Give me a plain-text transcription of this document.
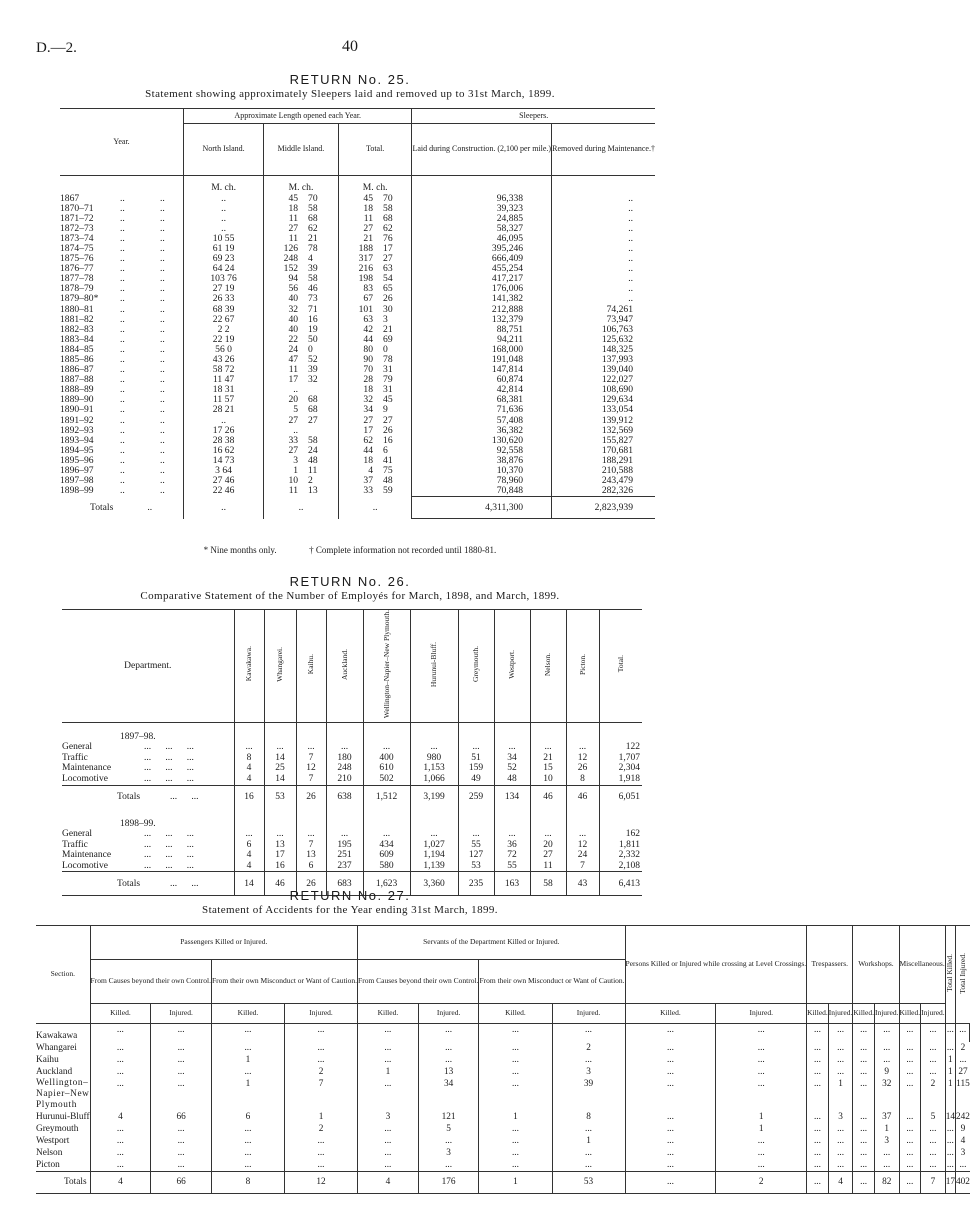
D.—2.	40
RETURN No. 25.
Statement showing approximately Sleepers laid and removed up to 31st March, 1899.
Year.	Approximate Length opened each Year.					Sleepers.	
	North Island.	Middle Island.		Total.		Laid during Construction. (2,100 per mile.)	Removed during Maintenance.†
	M. ch.	M. ch.		M. ch.			
1867 .. ..	..	45	70	45	70	96,338	..
1870–71 .. ..	..	18	58	18	58	39,323	..
1871–72 .. ..	..	11	68	11	68	24,885	..
1872–73 .. ..	..	27	62	27	62	58,327	..
1873–74 .. ..	10 55	11	21	21	76	46,095	..
1874–75 .. ..	61 19	126	78	188	17	395,246	..
1875–76 .. ..	69 23	248	4	317	27	666,409	..
1876–77 .. ..	64 24	152	39	216	63	455,254	..
1877–78 .. ..	103 76	94	58	198	54	417,217	..
1878–79 .. ..	27 19	56	46	83	65	176,006	..
1879–80* .. ..	26 33	40	73	67	26	141,382	..
1880–81 .. ..	68 39	32	71	101	30	212,888	74,261
1881–82 .. ..	22 67	40	16	63	3	132,379	73,947
1882–83 .. ..	2 2	40	19	42	21	88,751	106,763
1883–84 .. ..	22 19	22	50	44	69	94,211	125,632
1884–85 .. ..	56 0	24	0	80	0	168,000	148,325
1885–86 .. ..	43 26	47	52	90	78	191,048	137,993
1886–87 .. ..	58 72	11	39	70	31	147,814	139,040
1887–88 .. ..	11 47	17	32	28	79	60,874	122,027
1888–89 .. ..	18 31	..		18	31	42,814	108,690
1889–90 .. ..	11 57	20	68	32	45	68,381	129,634
1890–91 .. ..	28 21	5	68	34	9	71,636	133,054
1891–92 .. ..	..	27	27	27	27	57,408	139,912
1892–93 .. ..	17 26	..		17	26	36,382	132,569
1893–94 .. ..	28 38	33	58	62	16	130,620	155,827
1894–95 .. ..	16 62	27	24	44	6	92,558	170,681
1895–96 .. ..	14 73	3	48	18	41	38,876	188,291
1896–97 .. ..	3 64	1	11	4	75	10,370	210,588
1897–98 .. ..	27 46	10	2	37	48	78,960	243,479
1898–99 .. ..	22 46	11	13	33	59	70,848	282,326
Totals ..	..	..		..		4,311,300	2,823,939
* Nine months only.	† Complete information not recorded until 1880-81.
RETURN No. 26.
Comparative Statement of the Number of Employés for March, 1898, and March, 1899.
Department.	Kawakawa.	Whangarei.	Kaihu.	Auckland.	Wellington–Napier–New Plymouth.	Hurunui-Bluff.	Greymouth.	Westport.	Nelson.	Picton.	Total.
1897–98.											
General ...      ...      ...	...	...	...	...	...	...	...	...	...	...	122
Traffic ...      ...      ...	8	14	7	180	400	980	51	34	21	12	1,707
Maintenance ...      ...      ...	4	25	12	248	610	1,153	159	52	15	26	2,304
Locomotive ...      ...      ...	4	14	7	210	502	1,066	49	48	10	8	1,918
Totals ...      ...	16	53	26	638	1,512	3,199	259	134	46	46	6,051
1898–99.											
General ...      ...      ...	...	...	...	...	...	...	...	...	...	...	162
Traffic ...      ...      ...	6	13	7	195	434	1,027	55	36	20	12	1,811
Maintenance ...      ...      ...	4	17	13	251	609	1,194	127	72	27	24	2,332
Locomotive ...      ...      ...	4	16	6	237	580	1,139	53	55	11	7	2,108
Totals ...      ...	14	46	26	683	1,623	3,360	235	163	58	43	6,413
RETURN No. 27.
Statement of Accidents for the Year ending 31st March, 1899.
Section.	Passengers Killed or Injured.				Servants of the Department Killed or Injured.				Persons Killed or Injured while crossing at Level Crossings.		Trespassers.		Workshops.		Miscellaneous.		Total Killed.	Total Injured.	
	From Causes beyond their own Control.		From their own Misconduct or Want of Caution.		From Causes beyond their own Control.		From their own Misconduct or Want of Caution.												
	Killed.	Injured.	Killed.	Injured.	Killed.	Injured.	Killed.	Injured.	Killed.	Injured.	Killed.	Injured.	Killed.	Injured.	Killed.	Injured.			
Kawakawa	...	...	...	...	...	...	...	...	...	...	...	...	...	...	...	...	...	...	
Whangarei	...	...	...	...	...	...	...	2	...	...	...	...	...	...	...	...	...	2	
Kaihu	...	...	1	...	...	...	...	...	...	...	...	...	...	...	...	...	1	...	
Auckland	...	...	...	2	1	13	...	3	...	...	...	...	...	9	...	...	1	27	
Wellington–Napier–New Plymouth	...	...	1	7	...	34	...	39	...	...	...	1	...	32	...	2	1	115	
Hurunui-Bluff	4	66	6	1	3	121	1	8	...	1	...	3	...	37	...	5	14	242	
Greymouth	...	...	...	2	...	5	...	...	...	1	...	...	...	1	...	...	...	9	
Westport	...	...	...	...	...	...	...	1	...	...	...	...	...	3	...	...	...	4	
Nelson	...	...	...	...	...	3	...	...	...	...	...	...	...	...	...	...	...	3	
Picton	...	...	...	...	...	...	...	...	...	...	...	...	...	...	...	...	...	...	
Totals	4	66	8	12	4	176	1	53	...	2	...	4	...	82	...	7	17	402	
